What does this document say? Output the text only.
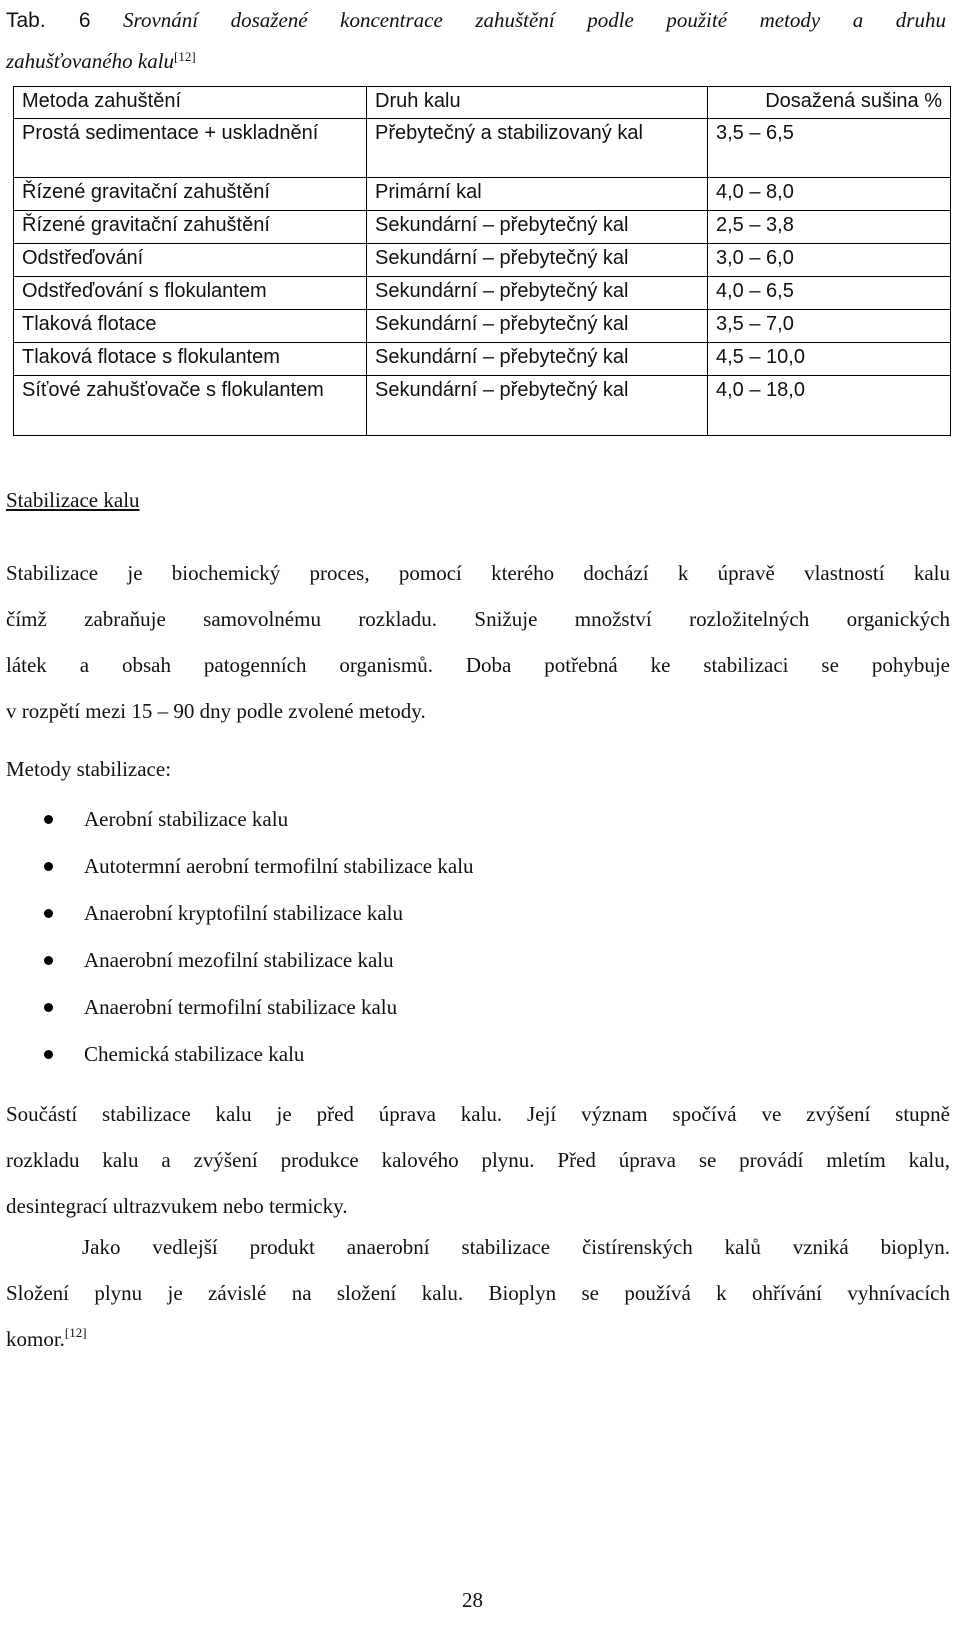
Tab. 6 Srovnání dosažené koncentrace zahuštění podle použité metody a druhu
zahušťovaného kalu[12]
Metoda zahuštění	Druh kalu	Dosažená sušina %
Prostá sedimentace + uskladnění	Přebytečný a stabilizovaný kal	3,5 – 6,5
Řízené gravitační zahuštění	Primární kal	4,0 – 8,0
Řízené gravitační zahuštění	Sekundární – přebytečný kal	2,5 – 3,8
Odstřeďování	Sekundární – přebytečný kal	3,0 – 6,0
Odstřeďování s flokulantem	Sekundární – přebytečný kal	4,0 – 6,5
Tlaková flotace	Sekundární – přebytečný kal	3,5 – 7,0
Tlaková flotace s flokulantem	Sekundární – přebytečný kal	4,5 – 10,0
Síťové zahušťovače s flokulantem	Sekundární – přebytečný kal	4,0 – 18,0
Stabilizace kalu
Stabilizace je biochemický proces, pomocí kterého dochází k úpravě vlastností kalu
čímž zabraňuje samovolnému rozkladu. Snižuje množství rozložitelných organických
látek a obsah patogenních organismů. Doba potřebná ke stabilizaci se pohybuje
v rozpětí mezi 15 – 90 dny podle zvolené metody.
Metody stabilizace:
Aerobní stabilizace kalu
Autotermní aerobní termofilní stabilizace kalu
Anaerobní kryptofilní stabilizace kalu
Anaerobní mezofilní stabilizace kalu
Anaerobní termofilní stabilizace kalu
Chemická stabilizace kalu
Součástí stabilizace kalu je před úprava kalu. Její význam spočívá ve zvýšení stupně
rozkladu kalu a zvýšení produkce kalového plynu. Před úprava se provádí mletím kalu,
desintegrací ultrazvukem nebo termicky.
Jako vedlejší produkt anaerobní stabilizace čistírenských kalů vzniká bioplyn.
Složení plynu je závislé na složení kalu. Bioplyn se používá k ohřívání vyhnívacích
komor.[12]
28
